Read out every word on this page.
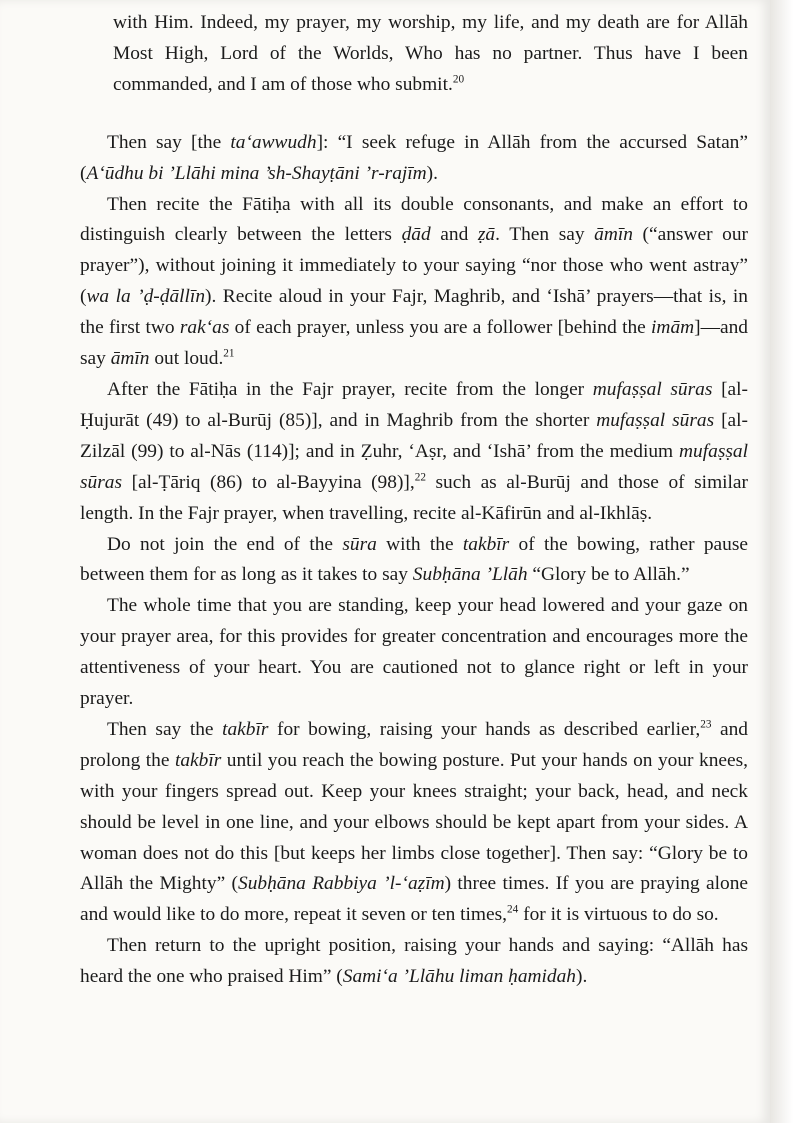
with Him. Indeed, my prayer, my worship, my life, and my death are for Allāh Most High, Lord of the Worlds, Who has no partner. Thus have I been commanded, and I am of those who submit.$^{20}$

Then say [the ta‘awwudh]: “I seek refuge in Allāh from the accursed Satan” (A‘ūdhu bi ’Llāhi mina ’sh-Shayṭāni ’r-rajīm).

Then recite the Fātiḥa with all its double consonants, and make an effort to distinguish clearly between the letters ḍād and ẓā. Then say āmīn (“answer our prayer”), without joining it immediately to your saying “nor those who went astray” (wa la ’ḍ-ḍāllīn). Recite aloud in your Fajr, Maghrib, and ‘Ishā’ prayers—that is, in the first two rak‘as of each prayer, unless you are a follower [behind the imām]—and say āmīn out loud.$^{21}$

After the Fātiḥa in the Fajr prayer, recite from the longer mufaṣṣal sūras [al-Ḥujurāt (49) to al-Burūj (85)], and in Maghrib from the shorter mufaṣṣal sūras [al-Zilzāl (99) to al-Nās (114)]; and in Ẓuhr, ‘Aṣr, and ‘Ishā’ from the medium mufaṣṣal sūras [al-Ṭāriq (86) to al-Bayyina (98)],$^{22}$ such as al-Burūj and those of similar length. In the Fajr prayer, when travelling, recite al-Kāfirūn and al-Ikhlāṣ.

Do not join the end of the sūra with the takbīr of the bowing, rather pause between them for as long as it takes to say Subḥāna ’Llāh “Glory be to Allāh.”

The whole time that you are standing, keep your head lowered and your gaze on your prayer area, for this provides for greater concentration and encourages more the attentiveness of your heart. You are cautioned not to glance right or left in your prayer.

Then say the takbīr for bowing, raising your hands as described earlier,$^{23}$ and prolong the takbīr until you reach the bowing posture. Put your hands on your knees, with your fingers spread out. Keep your knees straight; your back, head, and neck should be level in one line, and your elbows should be kept apart from your sides. A woman does not do this [but keeps her limbs close together]. Then say: “Glory be to Allāh the Mighty” (Subḥāna Rabbiya ’l-‘aẓīm) three times. If you are praying alone and would like to do more, repeat it seven or ten times,$^{24}$ for it is virtuous to do so.

Then return to the upright position, raising your hands and saying: “Allāh has heard the one who praised Him” (Sami‘a ’Llāhu liman ḥamidah).
